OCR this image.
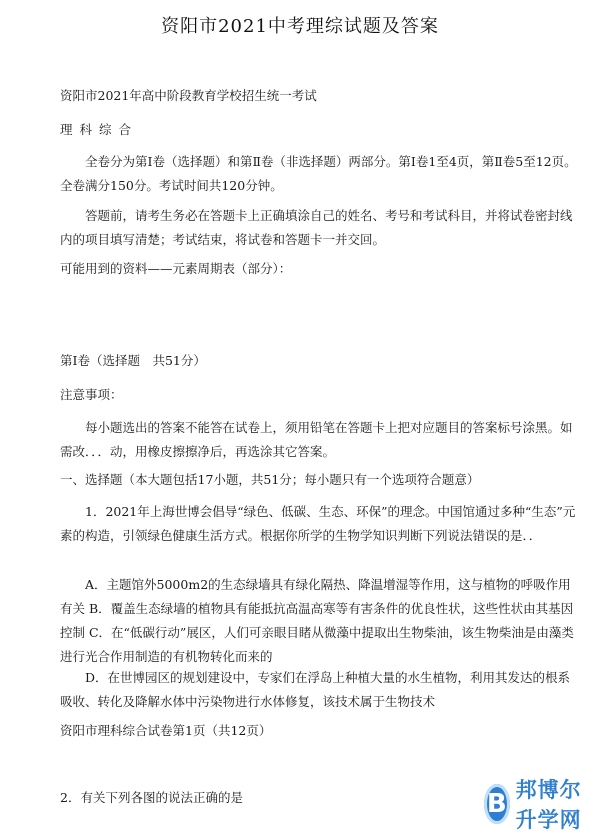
资阳市2021中考理综试题及答案

资阳市2021年高中阶段教育学校招生统一考试

理科综合

全卷分为第Ⅰ卷（选择题）和第Ⅱ卷（非选择题）两部分。第Ⅰ卷1至4页，第Ⅱ卷5至12页。全卷满分150分。考试时间共120分钟。

答题前，请考生务必在答题卡上正确填涂自己的姓名、考号和考试科目，并将试卷密封线内的项目填写清楚；考试结束，将试卷和答题卡一并交回。

可能用到的资料——元素周期表（部分）：

第Ⅰ卷（选择题　共51分）

注意事项：

每小题选出的答案不能答在试卷上，须用铅笔在答题卡上把对应题目的答案标号涂黑。如需改．．．动，用橡皮擦擦净后，再选涂其它答案。

一、选择题（本大题包括17小题，共51分；每小题只有一个选项符合题意）

1．2021年上海世博会倡导“绿色、低碳、生态、环保”的理念。中国馆通过多种“生态”元素的构造，引领绿色健康生活方式。根据你所学的生物学知识判断下列说法错误的是．．

A．主题馆外5000m2的生态绿墙具有绿化隔热、降温增湿等作用，这与植物的呼吸作用有关 B．覆盖生态绿墙的植物具有能抵抗高温高寒等有害条件的优良性状，这些性状由其基因控制 C．在“低碳行动”展区，人们可亲眼目睹从微藻中提取出生物柴油，该生物柴油是由藻类进行光合作用制造的有机物转化而来的

D．在世博园区的规划建设中，专家们在浮岛上种植大量的水生植物，利用其发达的根系吸收、转化及降解水体中污染物进行水体修复，该技术属于生物技术

资阳市理科综合试卷第1页（共12页）

2．有关下列各图的说法正确的是	B 邦博尔升学网
